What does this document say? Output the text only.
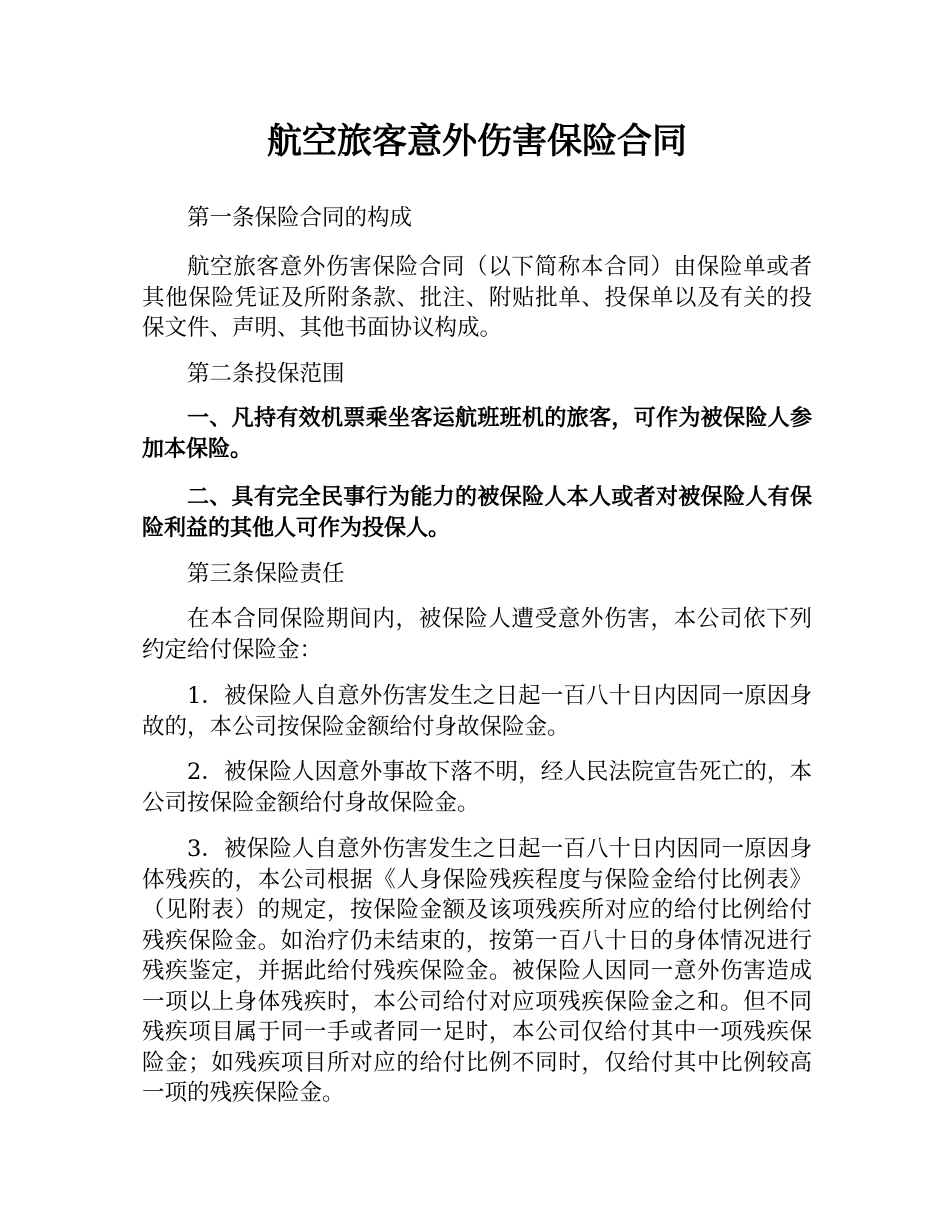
航空旅客意外伤害保险合同

第一条保险合同的构成

航空旅客意外伤害保险合同（以下简称本合同）由保险单或者其他保险凭证及所附条款、批注、附贴批单、投保单以及有关的投保文件、声明、其他书面协议构成。

第二条投保范围

一、凡持有效机票乘坐客运航班班机的旅客，可作为被保险人参加本保险。

二、具有完全民事行为能力的被保险人本人或者对被保险人有保险利益的其他人可作为投保人。

第三条保险责任

在本合同保险期间内，被保险人遭受意外伤害，本公司依下列约定给付保险金：

1．被保险人自意外伤害发生之日起一百八十日内因同一原因身故的，本公司按保险金额给付身故保险金。

2．被保险人因意外事故下落不明，经人民法院宣告死亡的，本公司按保险金额给付身故保险金。

3．被保险人自意外伤害发生之日起一百八十日内因同一原因身体残疾的，本公司根据《人身保险残疾程度与保险金给付比例表》（见附表）的规定，按保险金额及该项残疾所对应的给付比例给付残疾保险金。如治疗仍未结束的，按第一百八十日的身体情况进行残疾鉴定，并据此给付残疾保险金。被保险人因同一意外伤害造成一项以上身体残疾时，本公司给付对应项残疾保险金之和。但不同残疾项目属于同一手或者同一足时，本公司仅给付其中一项残疾保险金；如残疾项目所对应的给付比例不同时，仅给付其中比例较高一项的残疾保险金。
